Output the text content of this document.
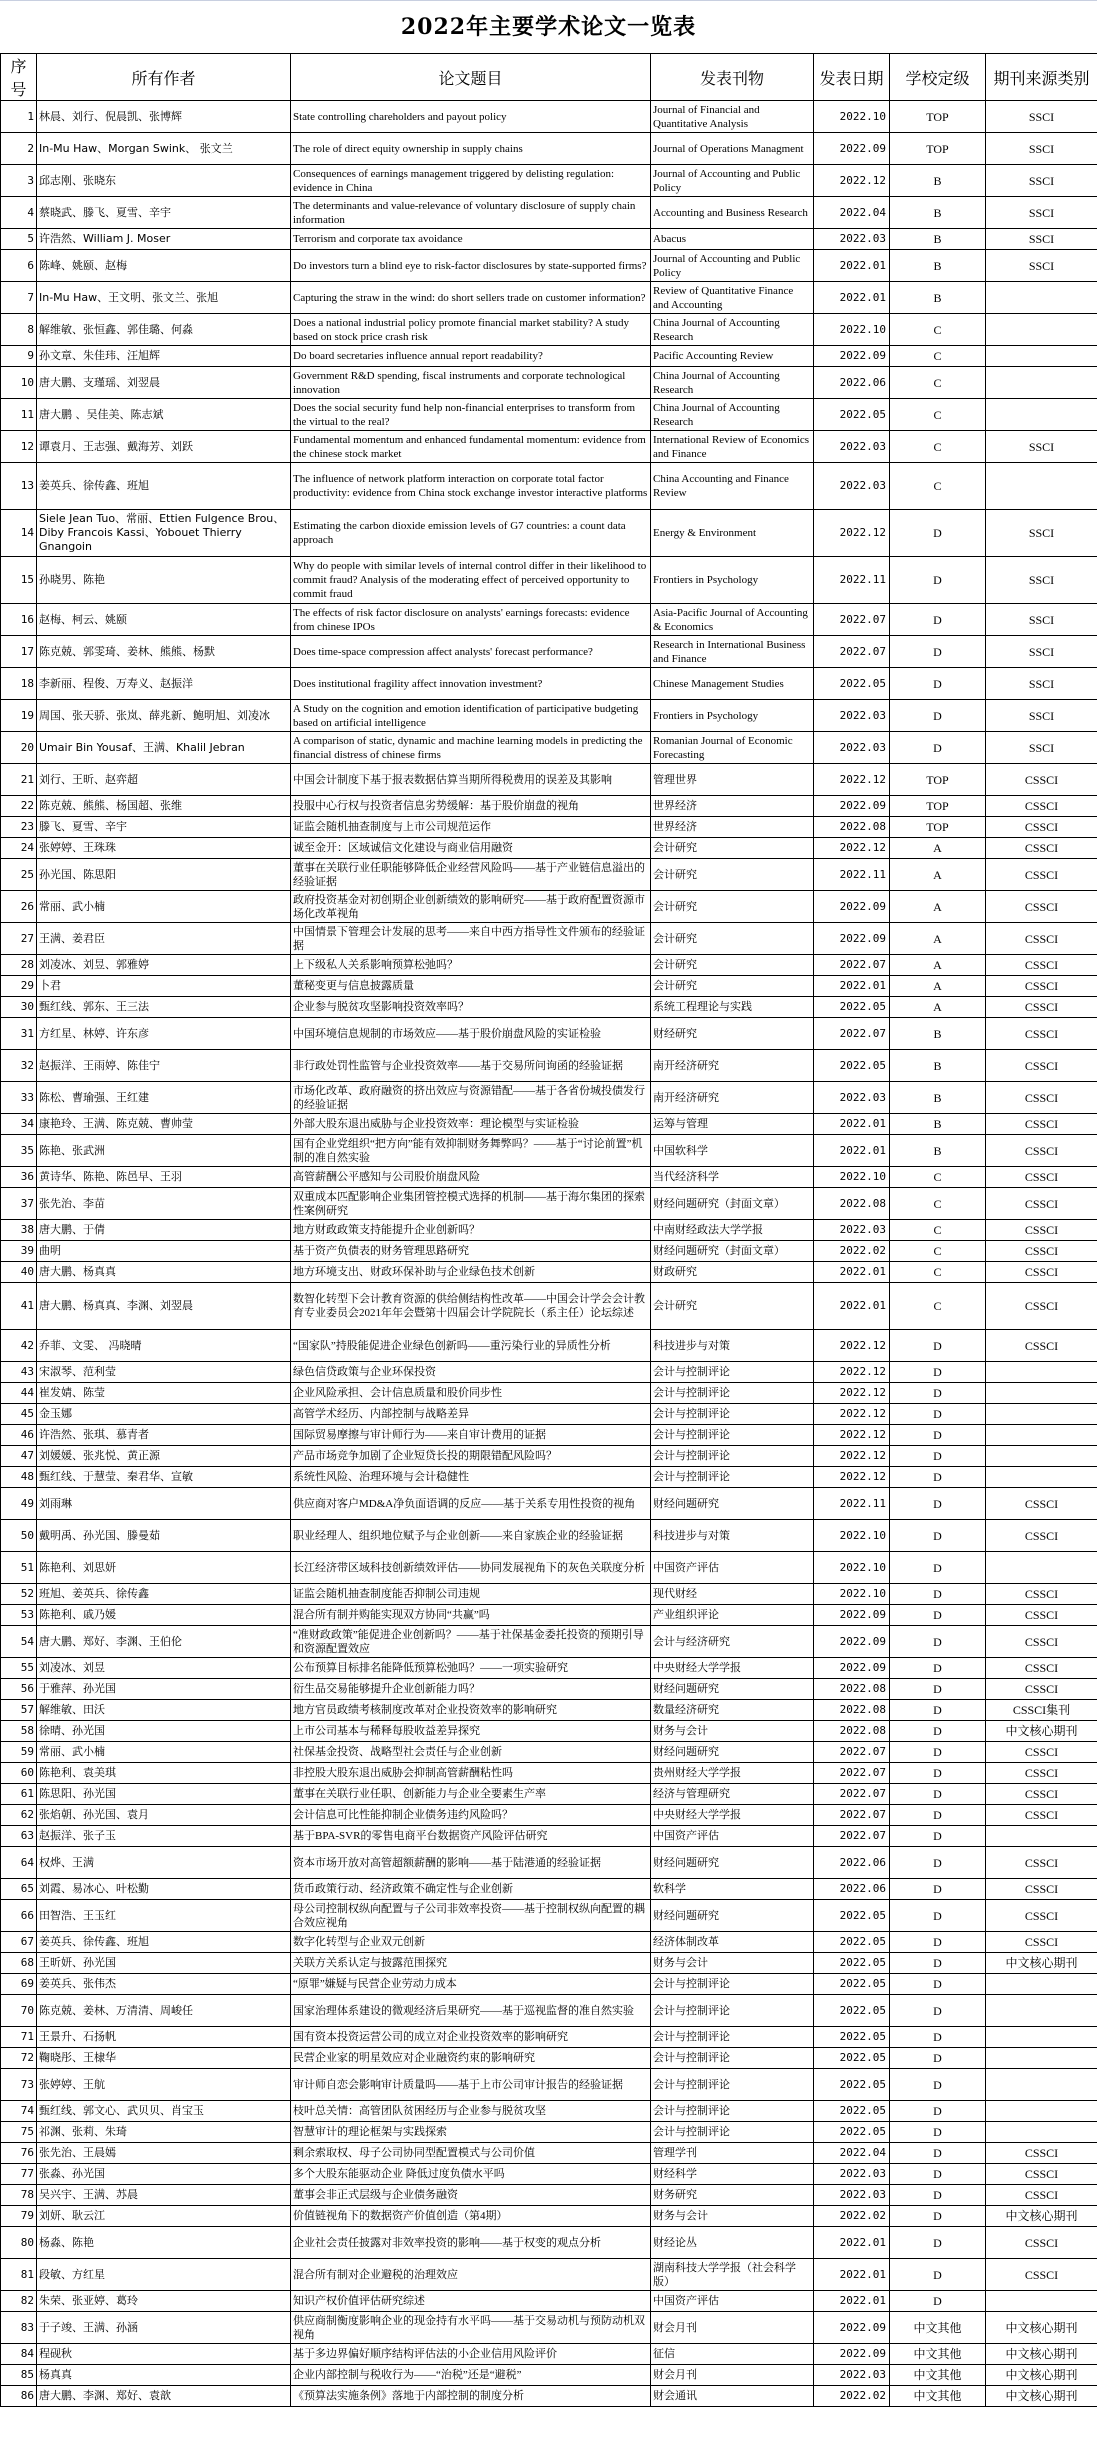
2022年主要学术论文一览表
序号	所有作者	论文题目	发表刊物	发表日期	学校定级	期刊来源类别
1	林晨、刘行、倪晨凯、张博辉	State controlling chareholders and payout policy	Journal of Financial and Quantitative Analysis	2022.10	TOP	SSCI
2	In-Mu Haw、Morgan Swink、 张文兰	The role of direct equity ownership in supply chains	Journal of Operations Managment	2022.09	TOP	SSCI
3	邱志刚、张晓东	Consequences of earnings management triggered by delisting regulation: evidence in China	Journal of Accounting and Public Policy	2022.12	B	SSCI
4	蔡晓武、滕飞、夏雪、辛宇	The determinants and value-relevance of voluntary disclosure of supply chain information	Accounting and Business Research	2022.04	B	SSCI
5	许浩然、William J. Moser	Terrorism and corporate tax avoidance	Abacus	2022.03	B	SSCI
6	陈峰、姚颐、赵梅	Do investors turn a blind eye to risk-factor disclosures by state-supported firms?	Journal of Accounting and Public Policy	2022.01	B	SSCI
7	In-Mu Haw、王文明、张文兰、张旭	Capturing the straw in the wind: do short sellers trade on customer information?	Review of Quantitative Finance and Accounting	2022.01	B	
8	解维敏、张恒鑫、郭佳璐、何淼	Does a national industrial policy promote financial market stability? A study based on stock price crash risk	China Journal of Accounting Research	2022.10	C	
9	孙文章、朱佳玮、汪旭辉	Do board secretaries influence annual report readability?	Pacific Accounting Review	2022.09	C	
10	唐大鹏、支瑾瑶、刘翌晨	Government R&D spending, fiscal instruments and corporate technological innovation	China Journal of Accounting Research	2022.06	C	
11	唐大鹏 、吴佳美、陈志斌	Does the social security fund help non-financial enterprises to transform from the virtual to the real?	China Journal of Accounting Research	2022.05	C	
12	谭袁月、王志强、戴海芳、刘跃	Fundamental momentum and enhanced fundamental momentum: evidence from the chinese stock market	International Review of Economics and Finance	2022.03	C	SSCI
13	姜英兵、徐传鑫、班旭	The influence of network platform interaction on corporate total factor productivity: evidence from China stock exchange investor interactive platforms	China Accounting and Finance Review	2022.03	C	
14	Siele Jean Tuo、常丽、Ettien Fulgence Brou、Diby Francois Kassi、Yobouet Thierry Gnangoin	Estimating the carbon dioxide emission levels of G7 countries: a count data approach	Energy & Environment	2022.12	D	SSCI
15	孙晓男、陈艳	Why do people with similar levels of internal control differ in their likelihood to commit fraud? Analysis of the moderating effect of perceived opportunity to commit fraud	Frontiers in Psychology	2022.11	D	SSCI
16	赵梅、柯云、姚颐	The effects of risk factor disclosure on analysts' earnings forecasts: evidence from chinese IPOs	Asia-Pacific Journal of Accounting & Economics	2022.07	D	SSCI
17	陈克兢、郭雯琦、姜林、熊熊、杨默	Does time-space compression affect analysts' forecast performance?	Research in International Business and Finance	2022.07	D	SSCI
18	李新丽、程俊、万寿义、赵振洋	Does institutional fragility affect innovation investment?	Chinese Management Studies	2022.05	D	SSCI
19	周国、张天骄、张岚、薛兆新、鲍明旭、刘凌冰	A Study on the cognition and emotion identification of participative budgeting based on artificial intelligence	Frontiers in Psychology	2022.03	D	SSCI
20	Umair Bin Yousaf、王满、Khalil Jebran	A comparison of static, dynamic and machine learning models in predicting the financial distress of chinese firms	Romanian Journal of Economic Forecasting	2022.03	D	SSCI
21	刘行、王昕、赵弈超	中国会计制度下基于报表数据估算当期所得税费用的误差及其影响	管理世界	2022.12	TOP	CSSCI
22	陈克兢、熊熊、杨国超、张维	投服中心行权与投资者信息劣势缓解：基于股价崩盘的视角	世界经济	2022.09	TOP	CSSCI
23	滕飞、夏雪、辛宇	证监会随机抽查制度与上市公司规范运作	世界经济	2022.08	TOP	CSSCI
24	张婷婷、王珠珠	诚至金开：区域诚信文化建设与商业信用融资	会计研究	2022.12	A	CSSCI
25	孙光国、陈思阳	董事在关联行业任职能够降低企业经营风险吗——基于产业链信息溢出的经验证据	会计研究	2022.11	A	CSSCI
26	常丽、武小楠	政府投资基金对初创期企业创新绩效的影响研究——基于政府配置资源市场化改革视角	会计研究	2022.09	A	CSSCI
27	王满、姜君臣	中国情景下管理会计发展的思考——来自中西方指导性文件颁布的经验证据	会计研究	2022.09	A	CSSCI
28	刘凌冰、刘昱、郭雅婷	上下级私人关系影响预算松弛吗？	会计研究	2022.07	A	CSSCI
29	卜君	董秘变更与信息披露质量	会计研究	2022.01	A	CSSCI
30	甄红线、郭东、王三法	企业参与脱贫攻坚影响投资效率吗？	系统工程理论与实践	2022.05	A	CSSCI
31	方红星、林婷、许东彦	中国环境信息规制的市场效应——基于股价崩盘风险的实证检验	财经研究	2022.07	B	CSSCI
32	赵振洋、王雨婷、陈佳宁	非行政处罚性监管与企业投资效率——基于交易所问询函的经验证据	南开经济研究	2022.05	B	CSSCI
33	陈松、曹瑜强、王红建	市场化改革、政府融资的挤出效应与资源错配——基于各省份城投债发行的经验证据	南开经济研究	2022.03	B	CSSCI
34	康艳玲、王满、陈克兢、曹帅莹	外部大股东退出威胁与企业投资效率：理论模型与实证检验	运筹与管理	2022.01	B	CSSCI
35	陈艳、张武洲	国有企业党组织“把方向”能有效抑制财务舞弊吗？——基于“讨论前置”机制的准自然实验	中国软科学	2022.01	B	CSSCI
36	黄诗华、陈艳、陈邑早、王羽	高管薪酬公平感知与公司股价崩盘风险	当代经济科学	2022.10	C	CSSCI
37	张先治、李苗	双重成本匹配影响企业集团管控模式选择的机制——基于海尔集团的探索性案例研究	财经问题研究（封面文章）	2022.08	C	CSSCI
38	唐大鹏、于倩	地方财政政策支持能提升企业创新吗？	中南财经政法大学学报	2022.03	C	CSSCI
39	曲明	基于资产负债表的财务管理思路研究	财经问题研究（封面文章）	2022.02	C	CSSCI
40	唐大鹏、杨真真	地方环境支出、财政环保补助与企业绿色技术创新	财政研究	2022.01	C	CSSCI
41	唐大鹏、杨真真、李渊、刘翌晨	数智化转型下会计教育资源的供给侧结构性改革——中国会计学会会计教育专业委员会2021年年会暨第十四届会计学院院长（系主任）论坛综述	会计研究	2022.01	C	CSSCI
42	乔菲、文雯、 冯晓晴	“国家队”持股能促进企业绿色创新吗——重污染行业的异质性分析	科技进步与对策	2022.12	D	CSSCI
43	宋淑琴、范利莹	绿色信贷政策与企业环保投资	会计与控制评论	2022.12	D	
44	崔发婧、陈莹	企业风险承担、会计信息质量和股价同步性	会计与控制评论	2022.12	D	
45	金玉娜	高管学术经历、内部控制与战略差异	会计与控制评论	2022.12	D	
46	许浩然、张琪、慕青者	国际贸易摩擦与审计师行为——来自审计费用的证据	会计与控制评论	2022.12	D	
47	刘媛媛、张兆悦、黄正源	产品市场竞争加剧了企业短贷长投的期限错配风险吗？	会计与控制评论	2022.12	D	
48	甄红线、于慧莹、秦君华、宣敏	系统性风险、治理环境与会计稳健性	会计与控制评论	2022.12	D	
49	刘雨琳	供应商对客户MD&A净负面语调的反应——基于关系专用性投资的视角	财经问题研究	2022.11	D	CSSCI
50	戴明禹、孙光国、滕曼茹	职业经理人、组织地位赋予与企业创新——来自家族企业的经验证据	科技进步与对策	2022.10	D	CSSCI
51	陈艳利、刘思妍	长江经济带区域科技创新绩效评估——协同发展视角下的灰色关联度分析	中国资产评估	2022.10	D	
52	班旭、姜英兵、徐传鑫	证监会随机抽查制度能否抑制公司违规	现代财经	2022.10	D	CSSCI
53	陈艳利、戚乃媛	混合所有制并购能实现双方协同“共赢”吗	产业组织评论	2022.09	D	CSSCI
54	唐大鹏、郑好、李渊、王伯伦	“准财政政策”能促进企业创新吗？——基于社保基金委托投资的预期引导和资源配置效应	会计与经济研究	2022.09	D	CSSCI
55	刘凌冰、刘昱	公布预算目标排名能降低预算松弛吗？——一项实验研究	中央财经大学学报	2022.09	D	CSSCI
56	于雅萍、孙光国	衍生品交易能够提升企业创新能力吗？	财经问题研究	2022.08	D	CSSCI
57	解维敏、田沃	地方官员政绩考核制度改革对企业投资效率的影响研究	数量经济研究	2022.08	D	CSSCI集刊
58	徐晴、孙光国	上市公司基本与稀释每股收益差异探究	财务与会计	2022.08	D	中文核心期刊
59	常丽、武小楠	社保基金投资、战略型社会责任与企业创新	财经问题研究	2022.07	D	CSSCI
60	陈艳利、袁美琪	非控股大股东退出威胁会抑制高管薪酬粘性吗	贵州财经大学学报	2022.07	D	CSSCI
61	陈思阳、孙光国	董事在关联行业任职、创新能力与企业全要素生产率	经济与管理研究	2022.07	D	CSSCI
62	张焰朝、孙光国、袁月	会计信息可比性能抑制企业债务违约风险吗？	中央财经大学学报	2022.07	D	CSSCI
63	赵振洋、张子玉	基于BPA-SVR的零售电商平台数据资产风险评估研究	中国资产评估	2022.07	D	
64	权烨、王满	资本市场开放对高管超额薪酬的影响——基于陆港通的经验证据	财经问题研究	2022.06	D	CSSCI
65	刘霞、易冰心、叶松勤	货币政策行动、经济政策不确定性与企业创新	软科学	2022.06	D	CSSCI
66	田智浩、王玉红	母公司控制权纵向配置与子公司非效率投资——基于控制权纵向配置的耦合效应视角	财经问题研究	2022.05	D	CSSCI
67	姜英兵、徐传鑫、班旭	数字化转型与企业双元创新	经济体制改革	2022.05	D	CSSCI
68	王昕妍、孙光国	关联方关系认定与披露范围探究	财务与会计	2022.05	D	中文核心期刊
69	姜英兵、张伟杰	“原罪”嫌疑与民营企业劳动力成本	会计与控制评论	2022.05	D	
70	陈克兢、姜林、万清清、周峻任	国家治理体系建设的微观经济后果研究——基于巡视监督的准自然实验	会计与控制评论	2022.05	D	
71	王景升、石扬帆	国有资本投资运营公司的成立对企业投资效率的影响研究	会计与控制评论	2022.05	D	
72	鞠晓彤、王棣华	民营企业家的明星效应对企业融资约束的影响研究	会计与控制评论	2022.05	D	
73	张婷婷、王航	审计师自恋会影响审计质量吗——基于上市公司审计报告的经验证据	会计与控制评论	2022.05	D	
74	甄红线、郭文心、武贝贝、肖宝玉	枝叶总关情：高管团队贫困经历与企业参与脱贫攻坚	会计与控制评论	2022.05	D	
75	祁渊、张莉、朱琦	智慧审计的理论框架与实践探索	会计与控制评论	2022.05	D	
76	张先治、王晨嫣	剩余索取权、母子公司协同型配置模式与公司价值	管理学刊	2022.04	D	CSSCI
77	张淼、孙光国	多个大股东能驱动企业 降低过度负债水平吗	财经科学	2022.03	D	CSSCI
78	吴兴宇、王满、苏晨	董事会非正式层级与企业债务融资	财务研究	2022.03	D	CSSCI
79	刘妍、耿云江	价值链视角下的数据资产价值创造（第4期）	财务与会计	2022.02	D	中文核心期刊
80	杨淼、陈艳	企业社会责任披露对非效率投资的影响——基于权变的观点分析	财经论丛	2022.01	D	CSSCI
81	段敏、方红星	混合所有制对企业避税的治理效应	湖南科技大学学报（社会科学版）	2022.01	D	CSSCI
82	朱荣、张亚婷、葛玲	知识产权价值评估研究综述	中国资产评估	2022.01	D	
83	于子竣、王满、孙涵	供应商制衡度影响企业的现金持有水平吗——基于交易动机与预防动机双视角	财会月刊	2022.09	中文其他	中文核心期刊
84	程砚秋	基于多边界偏好顺序结构评估法的小企业信用风险评价	征信	2022.09	中文其他	中文核心期刊
85	杨真真	企业内部控制与税收行为——“治税”还是“避税”	财会月刊	2022.03	中文其他	中文核心期刊
86	唐大鹏、李渊、郑好、袁歆	《预算法实施条例》落地于内部控制的制度分析	财会通讯	2022.02	中文其他	中文核心期刊
